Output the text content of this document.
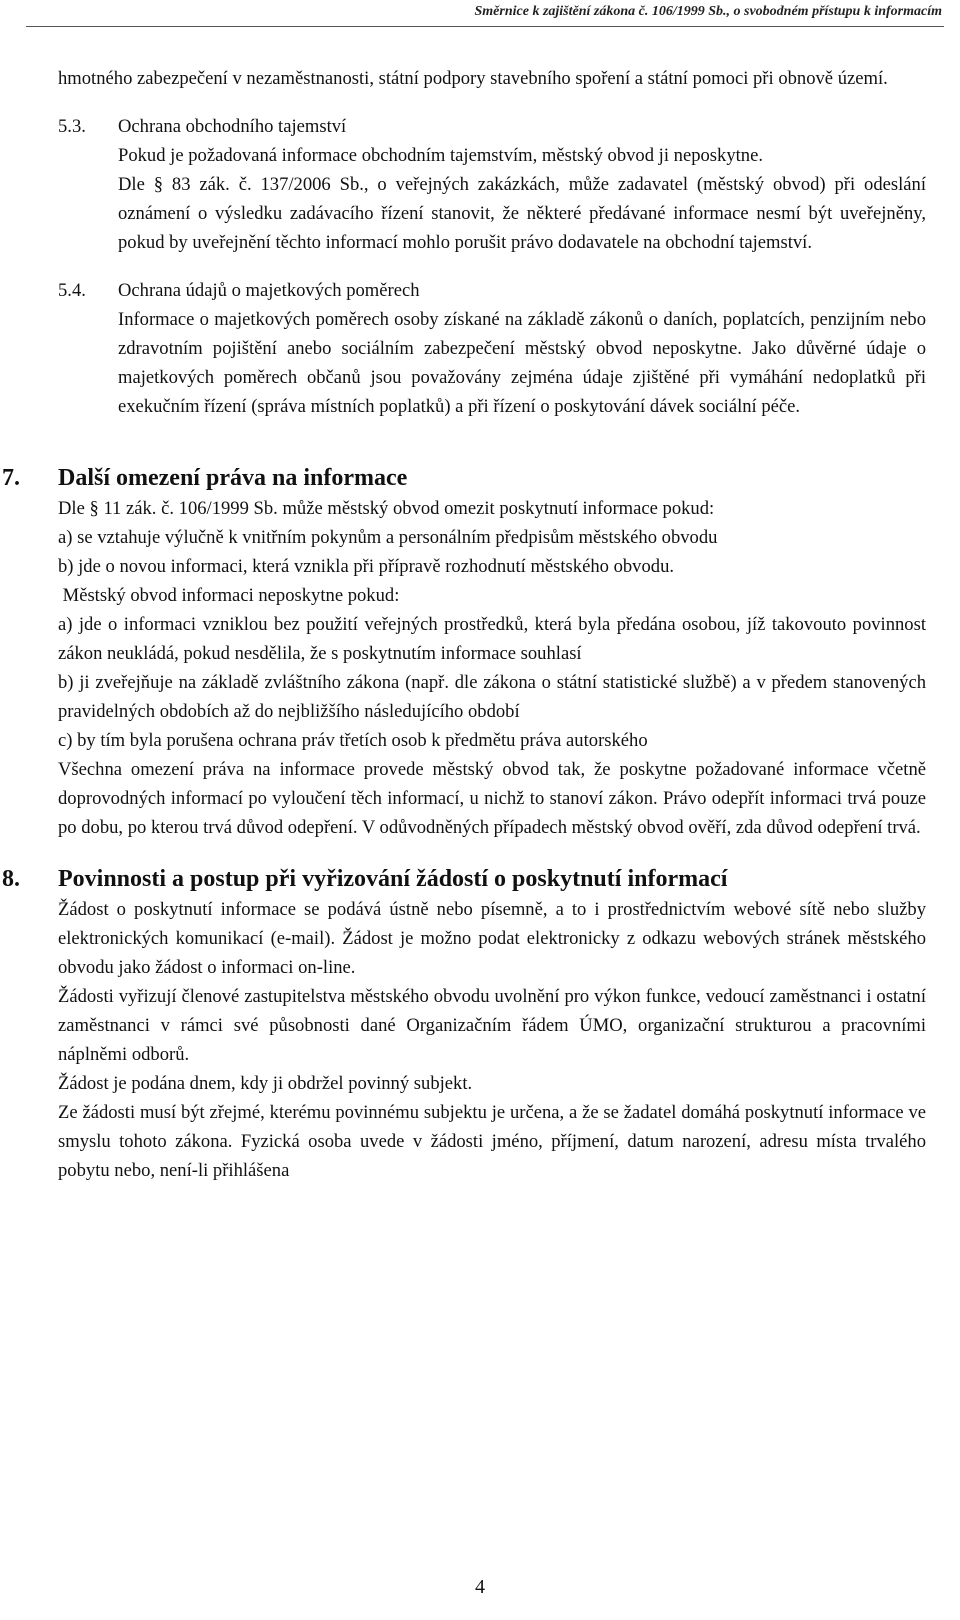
Směrnice k zajištění zákona č. 106/1999 Sb., o svobodném přístupu k informacím

hmotného zabezpečení v nezaměstnanosti, státní podpory stavebního spoření a státní pomoci při obnově území.

5.3.	Ochrana obchodního tajemství

Pokud je požadovaná informace obchodním tajemstvím, městský obvod ji neposkytne.

Dle § 83 zák. č. 137/2006 Sb., o veřejných zakázkách, může zadavatel (městský obvod) při odeslání oznámení o výsledku zadávacího řízení stanovit, že některé předávané informace nesmí být uveřejněny, pokud by uveřejnění těchto informací mohlo porušit právo dodavatele na obchodní tajemství.

5.4.	Ochrana údajů o majetkových poměrech

Informace o majetkových poměrech osoby získané na základě zákonů o daních, poplatcích, penzijním nebo zdravotním pojištění anebo sociálním zabezpečení městský obvod neposkytne. Jako důvěrné údaje o majetkových poměrech občanů jsou považovány zejména údaje zjištěné při vymáhání nedoplatků při exekučním řízení (správa místních poplatků) a při řízení o poskytování dávek sociální péče.

7. Další omezení práva na informace

Dle § 11 zák. č. 106/1999 Sb. může městský obvod omezit poskytnutí informace pokud:

a) se vztahuje výlučně k vnitřním pokynům a personálním předpisům městského obvodu

b) jde o novou informaci, která vznikla při přípravě rozhodnutí městského obvodu.

Městský obvod informaci neposkytne pokud:

a) jde o informaci vzniklou bez použití veřejných prostředků, která byla předána osobou, jíž takovouto povinnost zákon neukládá, pokud nesdělila, že s poskytnutím informace souhlasí

b) ji zveřejňuje na základě zvláštního zákona (např. dle zákona o státní statistické službě) a v předem stanovených pravidelných obdobích až do nejbližšího následujícího období

c) by tím byla porušena ochrana práv třetích osob k předmětu práva autorského

Všechna omezení práva na informace provede městský obvod tak, že poskytne požadované informace včetně doprovodných informací po vyloučení těch informací, u nichž to stanoví zákon. Právo odepřít informaci trvá pouze po dobu, po kterou trvá důvod odepření. V odůvodněných případech městský obvod ověří, zda důvod odepření trvá.

8. Povinnosti a postup při vyřizování žádostí o poskytnutí informací

Žádost o poskytnutí informace se podává ústně nebo písemně, a to i prostřednictvím webové sítě nebo služby elektronických komunikací (e-mail). Žádost je možno podat elektronicky z odkazu webových stránek městského obvodu jako žádost o informaci on-line.

Žádosti vyřizují členové zastupitelstva městského obvodu uvolnění pro výkon funkce, vedoucí zaměstnanci i ostatní zaměstnanci v rámci své působnosti dané Organizačním řádem ÚMO, organizační strukturou a pracovními náplněmi odborů.

Žádost je podána dnem, kdy ji obdržel povinný subjekt.

Ze žádosti musí být zřejmé, kterému povinnému subjektu je určena, a že se žadatel domáhá poskytnutí informace ve smyslu tohoto zákona. Fyzická osoba uvede v žádosti jméno, příjmení, datum narození, adresu místa trvalého pobytu nebo, není-li přihlášena

4
